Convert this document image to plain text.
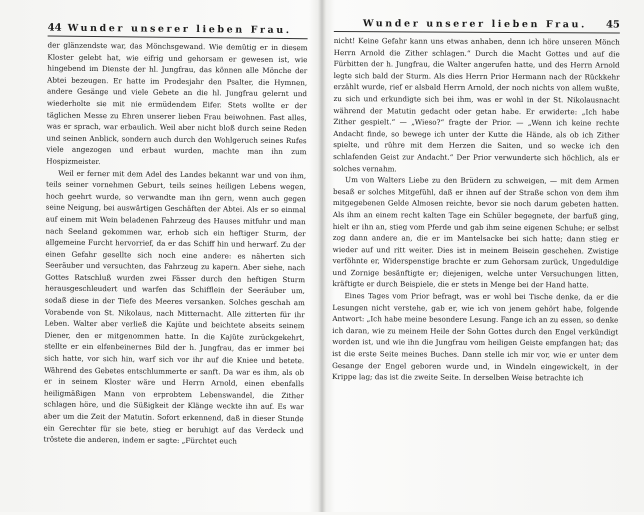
44 Wunder unserer lieben Frau.

der glänzendste war, das Mönchsgewand. Wie demütig er in diesem Kloster gelebt hat, wie eifrig und gehorsam er gewesen ist, wie hingebend im Dienste der hl. Jungfrau, das können alle Mönche der Abtei bezeugen. Er hatte im Prodesjahr den Psalter, die Hymnen, andere Gesänge und viele Gebete an die hl. Jungfrau gelernt und wiederholte sie mit nie ermüdendem Eifer. Stets wollte er der täglichen Messe zu Ehren unserer lieben Frau beiwohnen. Fast alles, was er sprach, war erbaulich. Weil aber nicht bloß durch seine Reden und seinen Anblick, sondern auch durch den Wohlgeruch seines Rufes viele angezogen und erbaut wurden, machte man ihn zum Hospizmeister.

Weil er ferner mit dem Adel des Landes bekannt war und von ihm, teils seiner vornehmen Geburt, teils seines heiligen Lebens wegen, hoch geehrt wurde, so verwandte man ihn gern, wenn auch gegen seine Neigung, bei auswärtigen Geschäften der Abtei. Als er so einmal auf einem mit Wein beladenen Fahrzeug des Hauses mitfuhr und man nach Seeland gekommen war, erhob sich ein heftiger Sturm, der allgemeine Furcht hervorrief, da er das Schiff hin und herwarf. Zu der einen Gefahr gesellte sich noch eine andere: es näherten sich Seeräuber und versuchten, das Fahrzeug zu kapern. Aber siehe, nach Gottes Ratschluß wurden zwei Fässer durch den heftigen Sturm herausgeschleudert und warfen das Schifflein der Seeräuber um, sodaß diese in der Tiefe des Meeres versanken. Solches geschah am Vorabende von St. Nikolaus, nach Mitternacht. Alle zitterten für ihr Leben. Walter aber verließ die Kajüte und beichtete abseits seinem Diener, den er mitgenommen hatte. In die Kajüte zurückgekehrt, stellte er ein elfenbeinernes Bild der h. Jungfrau, das er immer bei sich hatte, vor sich hin, warf sich vor ihr auf die Kniee und betete. Während des Gebetes entschlummerte er sanft. Da war es ihm, als ob er in seinem Kloster wäre und Herrn Arnold, einen ebenfalls heiligmäßigen Mann von erprobtem Lebenswandel, die Zither schlagen höre, und die Süßigkeit der Klänge weckte ihn auf. Es war aber um die Zeit der Matutin. Sofort erkennend, daß in dieser Stunde ein Gerechter für sie bete, stieg er beruhigt auf das Verdeck und tröstete die anderen, indem er sagte: „Fürchtet euch

Wunder unserer lieben Frau. 45

nicht! Keine Gefahr kann uns etwas anhaben, denn ich höre unseren Mönch Herrn Arnold die Zither schlagen.“ Durch die Macht Gottes und auf die Fürbitten der h. Jungfrau, die Walter angerufen hatte, und des Herrn Arnold legte sich bald der Sturm. Als dies Herrn Prior Hermann nach der Rückkehr erzählt wurde, rief er alsbald Herrn Arnold, der noch nichts von allem wußte, zu sich und erkundigte sich bei ihm, was er wohl in der St. Nikolausnacht während der Matutin gedacht oder getan habe. Er erwiderte: „Ich habe Zither gespielt.“ — „Wieso?“ fragte der Prior. — „Wenn ich keine rechte Andacht finde, so bewege ich unter der Kutte die Hände, als ob ich Zither spielte, und rühre mit dem Herzen die Saiten, und so wecke ich den schlafenden Geist zur Andacht.“ Der Prior verwunderte sich höchlich, als er solches vernahm.

Um von Walters Liebe zu den Brüdern zu schweigen, — mit dem Armen besaß er solches Mitgefühl, daß er ihnen auf der Straße schon von dem ihm mitgegebenen Gelde Almosen reichte, bevor sie noch darum gebeten hatten. Als ihm an einem recht kalten Tage ein Schüler begegnete, der barfuß ging, hielt er ihn an, stieg vom Pferde und gab ihm seine eigenen Schuhe; er selbst zog dann andere an, die er im Mantelsacke bei sich hatte; dann stieg er wieder auf und ritt weiter. Dies ist in meinem Beisein geschehen. Zwistige verföhnte er, Widerspenstige brachte er zum Gehorsam zurück, Ungeduldige und Zornige besänftigte er; diejenigen, welche unter Versuchungen litten, kräftigte er durch Beispiele, die er stets in Menge bei der Hand hatte.

Eines Tages vom Prior befragt, was er wohl bei Tische denke, da er die Lesungen nicht verstehe, gab er, wie ich von jenem gehört habe, folgende Antwort: „Ich habe meine besondere Lesung. Fange ich an zu essen, so denke ich daran, wie zu meinem Heile der Sohn Gottes durch den Engel verkündigt worden ist, und wie ihn die Jungfrau vom heiligen Geiste empfangen hat; das ist die erste Seite meines Buches. Dann stelle ich mir vor, wie er unter dem Gesange der Engel geboren wurde und, in Windeln eingewickelt, in der Krippe lag; das ist die zweite Seite. In derselben Weise betrachte ich
